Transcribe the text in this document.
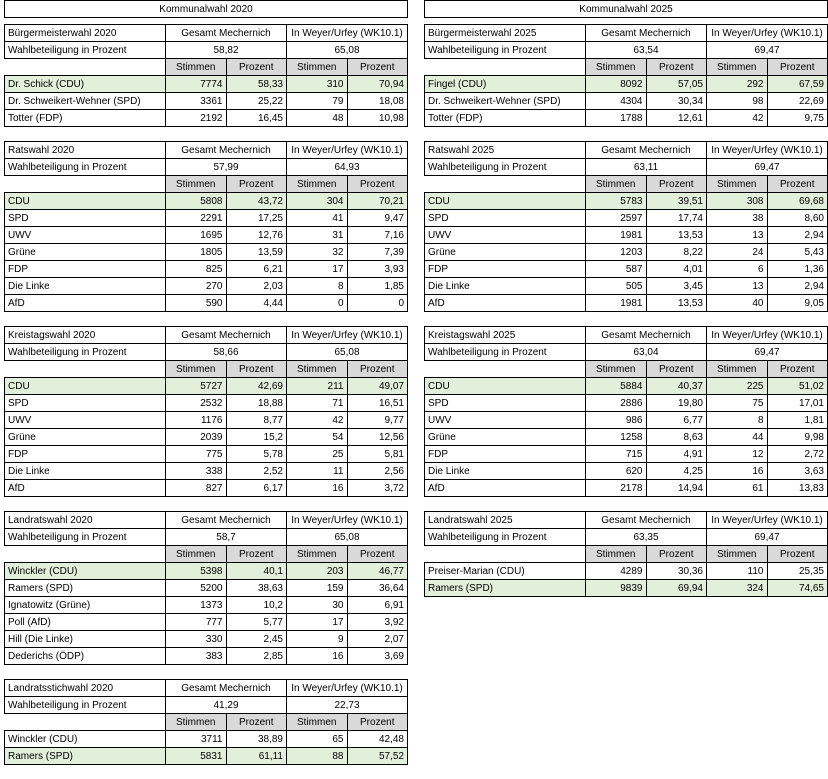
Kommunalwahl 2020
Bürgermeisterwahl 2020	Gesamt Mechernich		In Weyer/Urfey (WK10.1)	
Wahlbeteiligung in Prozent	58,82		65,08	
	Stimmen	Prozent	Stimmen	Prozent
Dr. Schick (CDU)	7774	58,33	310	70,94
Dr. Schweikert-Wehner (SPD)	3361	25,22	79	18,08
Totter (FDP)	2192	16,45	48	10,98
Ratswahl 2020	Gesamt Mechernich		In Weyer/Urfey (WK10.1)	
Wahlbeteiligung in Prozent	57,99		64,93	
	Stimmen	Prozent	Stimmen	Prozent
CDU	5808	43,72	304	70,21
SPD	2291	17,25	41	9,47
UWV	1695	12,76	31	7,16
Grüne	1805	13,59	32	7,39
FDP	825	6,21	17	3,93
Die Linke	270	2,03	8	1,85
AfD	590	4,44	0	0
Kreistagswahl 2020	Gesamt Mechernich		In Weyer/Urfey (WK10.1)	
Wahlbeteiligung in Prozent	58,66		65,08	
	Stimmen	Prozent	Stimmen	Prozent
CDU	5727	42,69	211	49,07
SPD	2532	18,88	71	16,51
UWV	1176	8,77	42	9,77
Grüne	2039	15,2	54	12,56
FDP	775	5,78	25	5,81
Die Linke	338	2,52	11	2,56
AfD	827	6,17	16	3,72
Landratswahl 2020	Gesamt Mechernich		In Weyer/Urfey (WK10.1)	
Wahlbeteiligung in Prozent	58,7		65,08	
	Stimmen	Prozent	Stimmen	Prozent
Winckler (CDU)	5398	40,1	203	46,77
Ramers (SPD)	5200	38,63	159	36,64
Ignatowitz (Grüne)	1373	10,2	30	6,91
Poll (AfD)	777	5,77	17	3,92
Hill (Die Linke)	330	2,45	9	2,07
Dederichs (ÖDP)	383	2,85	16	3,69
Landratsstichwahl 2020	Gesamt Mechernich		In Weyer/Urfey (WK10.1)	
Wahlbeteiligung in Prozent	41,29		22,73	
	Stimmen	Prozent	Stimmen	Prozent
Winckler (CDU)	3711	38,89	65	42,48
Ramers (SPD)	5831	61,11	88	57,52
Kommunalwahl 2025
Bürgermeisterwahl 2025	Gesamt Mechernich		In Weyer/Urfey (WK10.1)	
Wahlbeteiligung in Prozent	63,54		69,47	
	Stimmen	Prozent	Stimmen	Prozent
Fingel (CDU)	8092	57,05	292	67,59
Dr. Schweikert-Wehner (SPD)	4304	30,34	98	22,69
Totter (FDP)	1788	12,61	42	9,75
Ratswahl 2025	Gesamt Mechernich		In Weyer/Urfey (WK10.1)	
Wahlbeteiligung in Prozent	63,11		69,47	
	Stimmen	Prozent	Stimmen	Prozent
CDU	5783	39,51	308	69,68
SPD	2597	17,74	38	8,60
UWV	1981	13,53	13	2,94
Grüne	1203	8,22	24	5,43
FDP	587	4,01	6	1,36
Die Linke	505	3,45	13	2,94
AfD	1981	13,53	40	9,05
Kreistagswahl 2025	Gesamt Mechernich		In Weyer/Urfey (WK10.1)	
Wahlbeteiligung in Prozent	63,04		69,47	
	Stimmen	Prozent	Stimmen	Prozent
CDU	5884	40,37	225	51,02
SPD	2886	19,80	75	17,01
UWV	986	6,77	8	1,81
Grüne	1258	8,63	44	9,98
FDP	715	4,91	12	2,72
Die Linke	620	4,25	16	3,63
AfD	2178	14,94	61	13,83
Landratswahl 2025	Gesamt Mechernich		In Weyer/Urfey (WK10.1)	
Wahlbeteiligung in Prozent	63,35		69,47	
	Stimmen	Prozent	Stimmen	Prozent
Preiser-Marian (CDU)	4289	30,36	110	25,35
Ramers (SPD)	9839	69,94	324	74,65
